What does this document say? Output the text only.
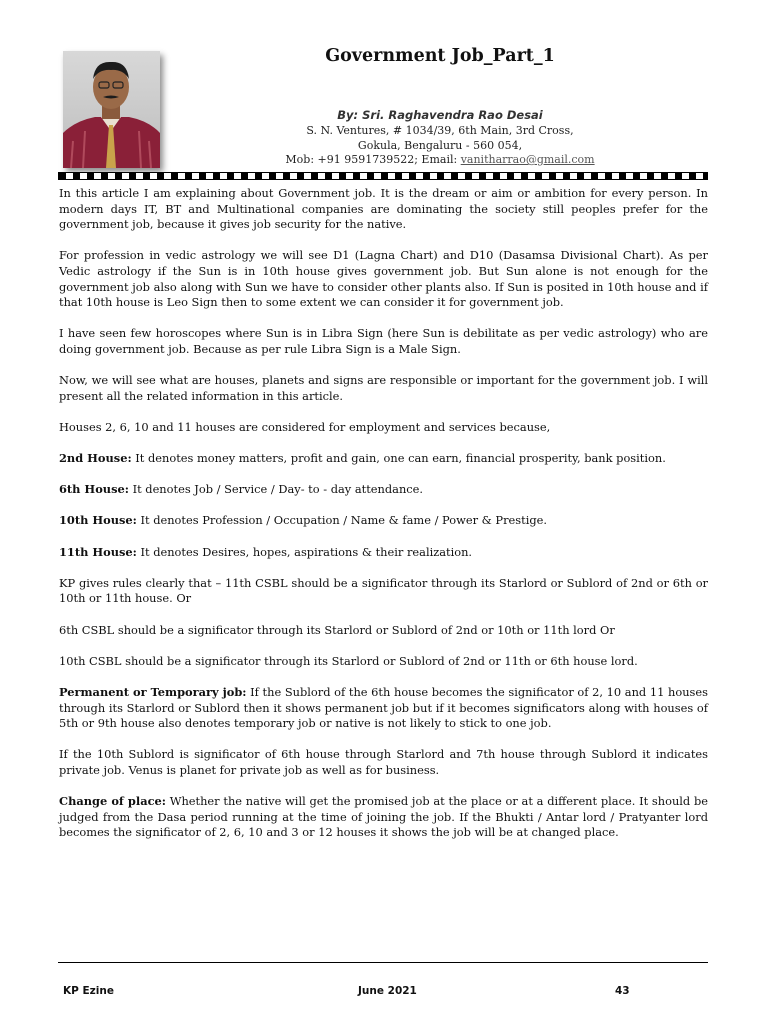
Government Job_Part_1
By: Sri. Raghavendra Rao Desai
S. N. Ventures, # 1034/39, 6th Main, 3rd Cross,
Gokula, Bengaluru - 560 054,
Mob: +91 9591739522; Email: vanitharrao@gmail.com

In this article I am explaining about Government job. It is the dream or aim or ambition for every person. In modern days IT, BT and Multinational companies are dominating the society still peoples prefer for the government job, because it gives job security for the native.

For profession in vedic astrology we will see D1 (Lagna Chart) and D10 (Dasamsa Divisional Chart). As per Vedic astrology if the Sun is in 10th house gives government job. But Sun alone is not enough for the government job also along with Sun we have to consider other plants also. If Sun is posited in 10th house and if that 10th house is Leo Sign then to some extent we can consider it for government job.

I have seen few horoscopes where Sun is in Libra Sign (here Sun is debilitate as per vedic astrology) who are doing government job. Because as per rule Libra Sign is a Male Sign.

Now, we will see what are houses, planets and signs are responsible or important for the government job. I will present all the related information in this article.

Houses 2, 6, 10 and 11 houses are considered for employment and services because,

2nd House: It denotes money matters, profit and gain, one can earn, financial prosperity, bank position.

6th House: It denotes Job / Service / Day- to - day attendance.

10th House: It denotes Profession / Occupation / Name & fame / Power & Prestige.

11th House: It denotes Desires, hopes, aspirations & their realization.

KP gives rules clearly that – 11th CSBL should be a significator through its Starlord or Sublord of 2nd or 6th or 10th or 11th house. Or

6th CSBL should be a significator through its Starlord or Sublord of 2nd or 10th or 11th lord Or

10th CSBL should be a significator through its Starlord or Sublord of 2nd or 11th or 6th house lord.

Permanent or Temporary job: If the Sublord of the 6th house becomes the significator of 2, 10 and 11 houses through its Starlord or Sublord then it shows permanent job but if it becomes significators along with houses of 5th or 9th house also denotes temporary job or native is not likely to stick to one job.

If the 10th Sublord is significator of 6th house through Starlord and 7th house through Sublord it indicates private job. Venus is planet for private job as well as for business.

Change of place: Whether the native will get the promised job at the place or at a different place. It should be judged from the Dasa period running at the time of joining the job. If the Bhukti / Antar lord / Pratyanter lord becomes the significator of 2, 6, 10 and 3 or 12 houses it shows the job will be at changed place.

KP Ezine	June 2021	43
